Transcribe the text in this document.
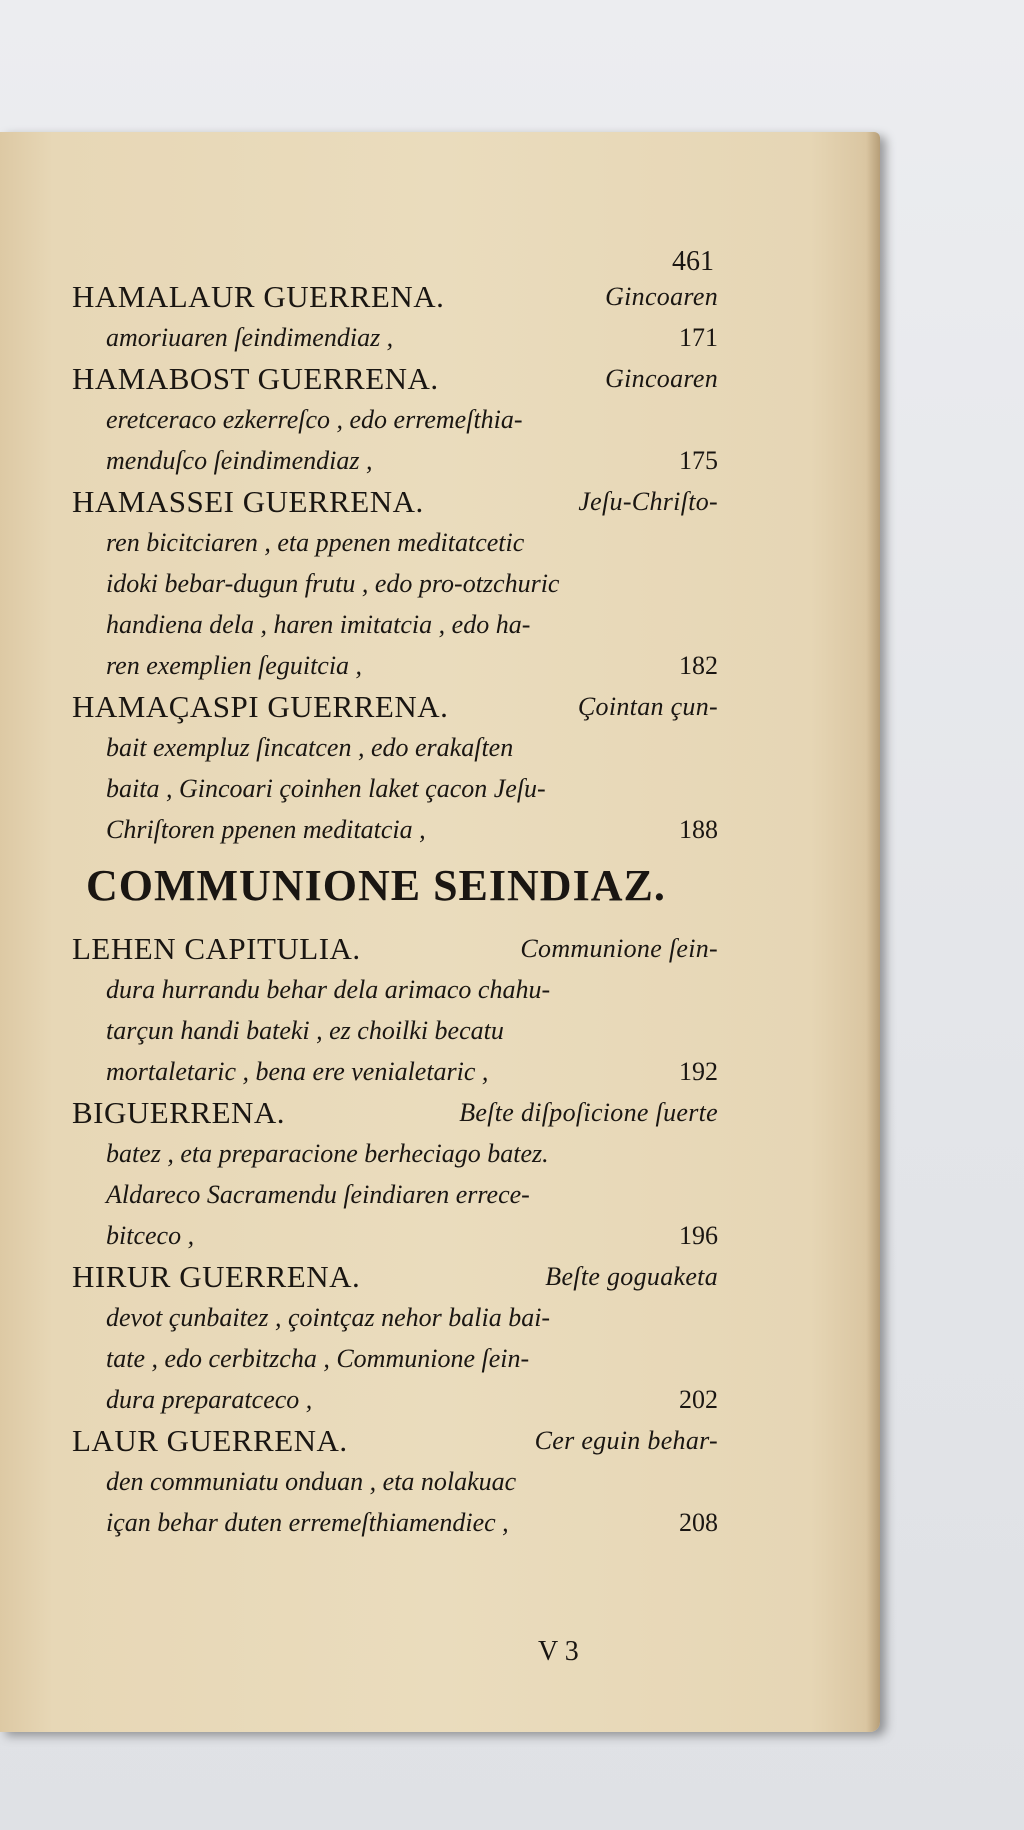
461
HAMALAUR GUERRENA.	Gincoaren
amoriuaren ſeindimendiaz ,	171
HAMABOST GUERRENA.	Gincoaren
eretceraco ezkerreſco , edo erremeſthia-
menduſco ſeindimendiaz ,	175
HAMASSEI GUERRENA.	Jeſu-Chriſto-
ren bicitciaren , eta ppenen meditatcetic
idoki bebar-dugun frutu , edo pro-otzchuric
handiena dela , haren imitatcia , edo ha-
ren exemplien ſeguitcia ,	182
HAMAÇASPI GUERRENA.	Çointan çun-
bait exempluz ſincatcen , edo erakaſten
baita , Gincoari çoinhen laket çacon Jeſu-
Chriſtoren ppenen meditatcia ,	188
COMMUNIONE SEINDIAZ.
LEHEN CAPITULIA.	Communione ſein-
dura hurrandu behar dela arimaco chahu-
tarçun handi bateki , ez choilki becatu
mortaletaric , bena ere venialetaric ,	192
BIGUERRENA.	Beſte diſpoſicione ſuerte
batez , eta preparacione berheciago batez.
Aldareco Sacramendu ſeindiaren errece-
bitceco ,	196
HIRUR GUERRENA.	Beſte goguaketa
devot çunbaitez , çointçaz nehor balia bai-
tate , edo cerbitzcha , Communione ſein-
dura preparatceco ,	202
LAUR GUERRENA.	Cer eguin behar-
den communiatu onduan , eta nolakuac
içan behar duten erremeſthiamendiec ,	208
V 3
